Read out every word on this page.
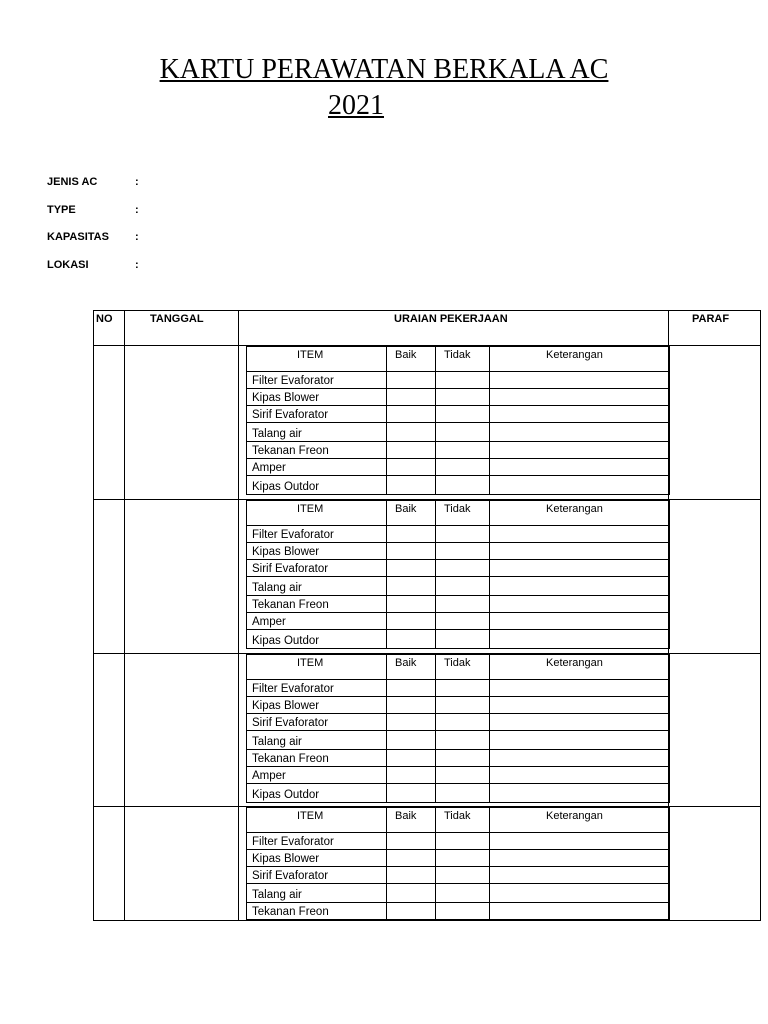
KARTU PERAWATAN BERKALA AC
2021
JENIS AC	:
TYPE	:
KAPASITAS	:
LOKASI	:
NO	TANGGAL	URAIAN PEKERJAAN	PARAF
ITEM	Baik	Tidak	Keterangan
Filter Evaforator
Kipas Blower
Sirif Evaforator
Talang air
Tekanan Freon
Amper
Kipas Outdor
ITEM	Baik	Tidak	Keterangan
Filter Evaforator
Kipas Blower
Sirif Evaforator
Talang air
Tekanan Freon
Amper
Kipas Outdor
ITEM	Baik	Tidak	Keterangan
Filter Evaforator
Kipas Blower
Sirif Evaforator
Talang air
Tekanan Freon
Amper
Kipas Outdor
ITEM	Baik	Tidak	Keterangan
Filter Evaforator
Kipas Blower
Sirif Evaforator
Talang air
Tekanan Freon
